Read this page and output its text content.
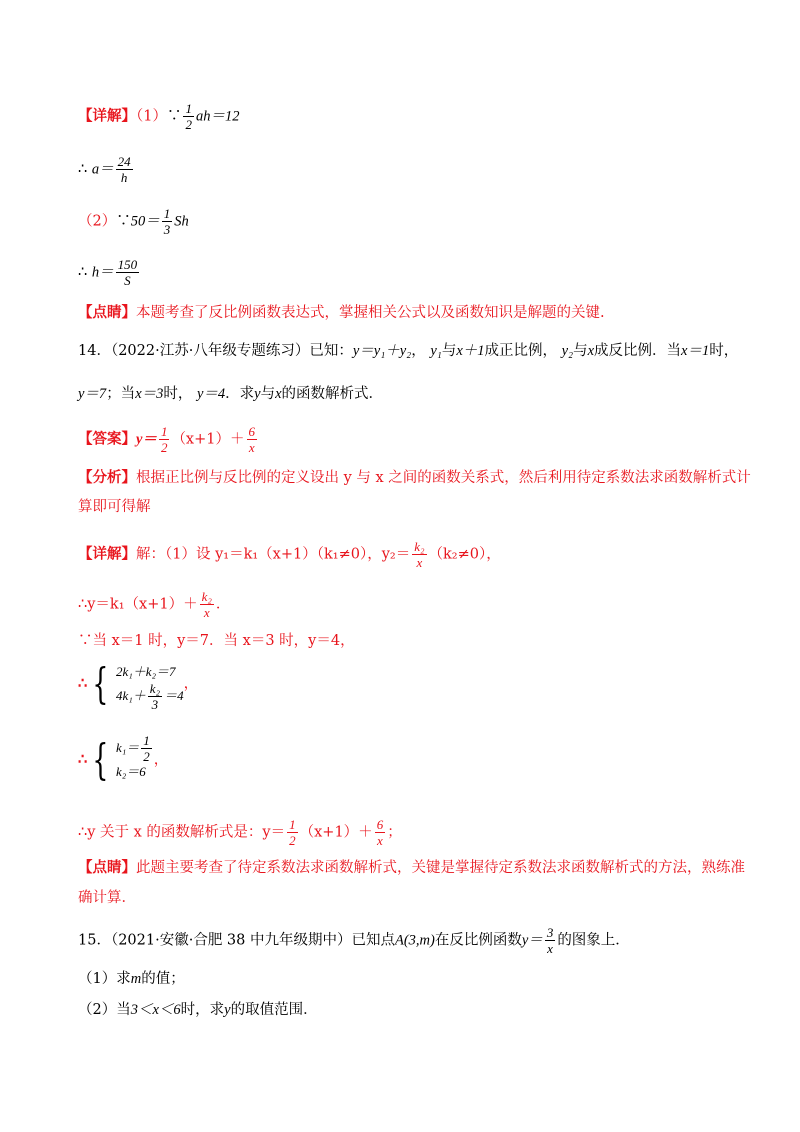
【详解】（1）∵ $\frac{1}{2} ah=12$
∴ $a= \frac{24}{h}$
（2）∵50＝ $\frac{1}{3}$ Sh
∴ $h= \frac{150}{S}$
【点睛】本题考查了反比例函数表达式，掌握相关公式以及函数知识是解题的关键.
14．（2022·江苏·八年级专题练习）已知：y＝y₁＋y₂， y₁与x＋1成正比例， y₂与x成反比例．当x＝1时，
y＝7；当x＝3时， y＝4．求y与x的函数解析式．
【答案】$y= \frac{1}{2} (x+1)+ \frac{6}{x}$
【分析】根据正比例与反比例的定义设出 y 与 x 之间的函数关系式，然后利用待定系数法求函数解析式计
算即可得解
【详解】解：（1）设 y₁＝k₁（x+1）（k₁≠0），$y_2= \frac{\text{k₂}}{x} (k_2\ne 0)$，
∴y＝k₁（x+1）＋ $\frac{\text{k₂}}{x}$ ．
∵当 x＝1 时，y＝7．当 x＝3 时，y＝4，
∴ { 2k₁＋k₂＝7
$4k_1+ \frac{\text{k₂}}{3} =4$
，
∴ { $k_1= \frac{1}{2}$
k₂＝6
，
∴y 关于 x 的函数解析式是：$y= \frac{1}{2} (x+1)+ \frac{6}{x}$ ；
【点睛】此题主要考查了待定系数法求函数解析式，关键是掌握待定系数法求函数解析式的方法，熟练准
确计算．
15．（2021·安徽·合肥 38 中九年级期中）已知点A(3,m)在反比例函数$y= \frac{3}{x}$ 的图象上．
（1）求m的值；
（2）当3＜x＜6时，求y的取值范围．
